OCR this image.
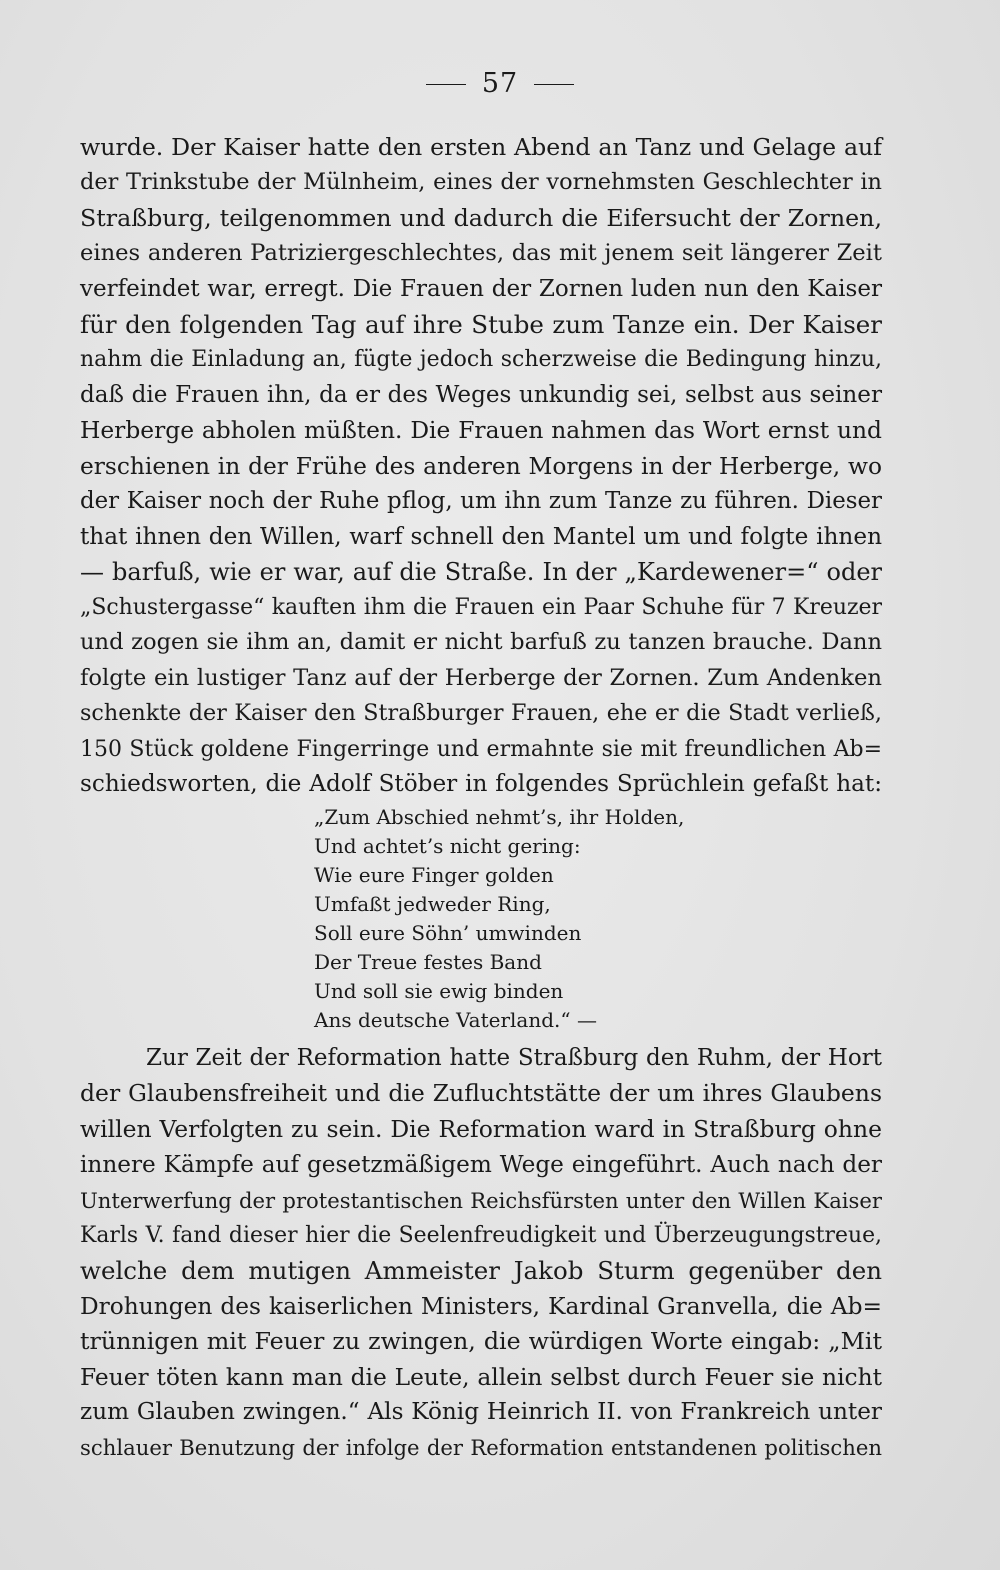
57
wurde. Der Kaiser hatte den ersten Abend an Tanz und Gelage auf
der Trinkstube der Mülnheim, eines der vornehmsten Geschlechter in
Straßburg, teilgenommen und dadurch die Eifersucht der Zornen,
eines anderen Patriziergeschlechtes, das mit jenem seit längerer Zeit
verfeindet war, erregt. Die Frauen der Zornen luden nun den Kaiser
für den folgenden Tag auf ihre Stube zum Tanze ein. Der Kaiser
nahm die Einladung an, fügte jedoch scherzweise die Bedingung hinzu,
daß die Frauen ihn, da er des Weges unkundig sei, selbst aus seiner
Herberge abholen müßten. Die Frauen nahmen das Wort ernst und
erschienen in der Frühe des anderen Morgens in der Herberge, wo
der Kaiser noch der Ruhe pflog, um ihn zum Tanze zu führen. Dieser
that ihnen den Willen, warf schnell den Mantel um und folgte ihnen
— barfuß, wie er war, auf die Straße. In der „Kardewener=“ oder
„Schustergasse“ kauften ihm die Frauen ein Paar Schuhe für 7 Kreuzer
und zogen sie ihm an, damit er nicht barfuß zu tanzen brauche. Dann
folgte ein lustiger Tanz auf der Herberge der Zornen. Zum Andenken
schenkte der Kaiser den Straßburger Frauen, ehe er die Stadt verließ,
150 Stück goldene Fingerringe und ermahnte sie mit freundlichen Ab=
schiedsworten, die Adolf Stöber in folgendes Sprüchlein gefaßt hat:
„Zum Abschied nehmt’s, ihr Holden,
Und achtet’s nicht gering:
Wie eure Finger golden
Umfaßt jedweder Ring,
Soll eure Söhn’ umwinden
Der Treue festes Band
Und soll sie ewig binden
Ans deutsche Vaterland.“ —
Zur Zeit der Reformation hatte Straßburg den Ruhm, der Hort
der Glaubensfreiheit und die Zufluchtstätte der um ihres Glaubens
willen Verfolgten zu sein. Die Reformation ward in Straßburg ohne
innere Kämpfe auf gesetzmäßigem Wege eingeführt. Auch nach der
Unterwerfung der protestantischen Reichsfürsten unter den Willen Kaiser
Karls V. fand dieser hier die Seelenfreudigkeit und Überzeugungstreue,
welche dem mutigen Ammeister Jakob Sturm gegenüber den
Drohungen des kaiserlichen Ministers, Kardinal Granvella, die Ab=
trünnigen mit Feuer zu zwingen, die würdigen Worte eingab: „Mit
Feuer töten kann man die Leute, allein selbst durch Feuer sie nicht
zum Glauben zwingen.“ Als König Heinrich II. von Frankreich unter
schlauer Benutzung der infolge der Reformation entstandenen politischen
